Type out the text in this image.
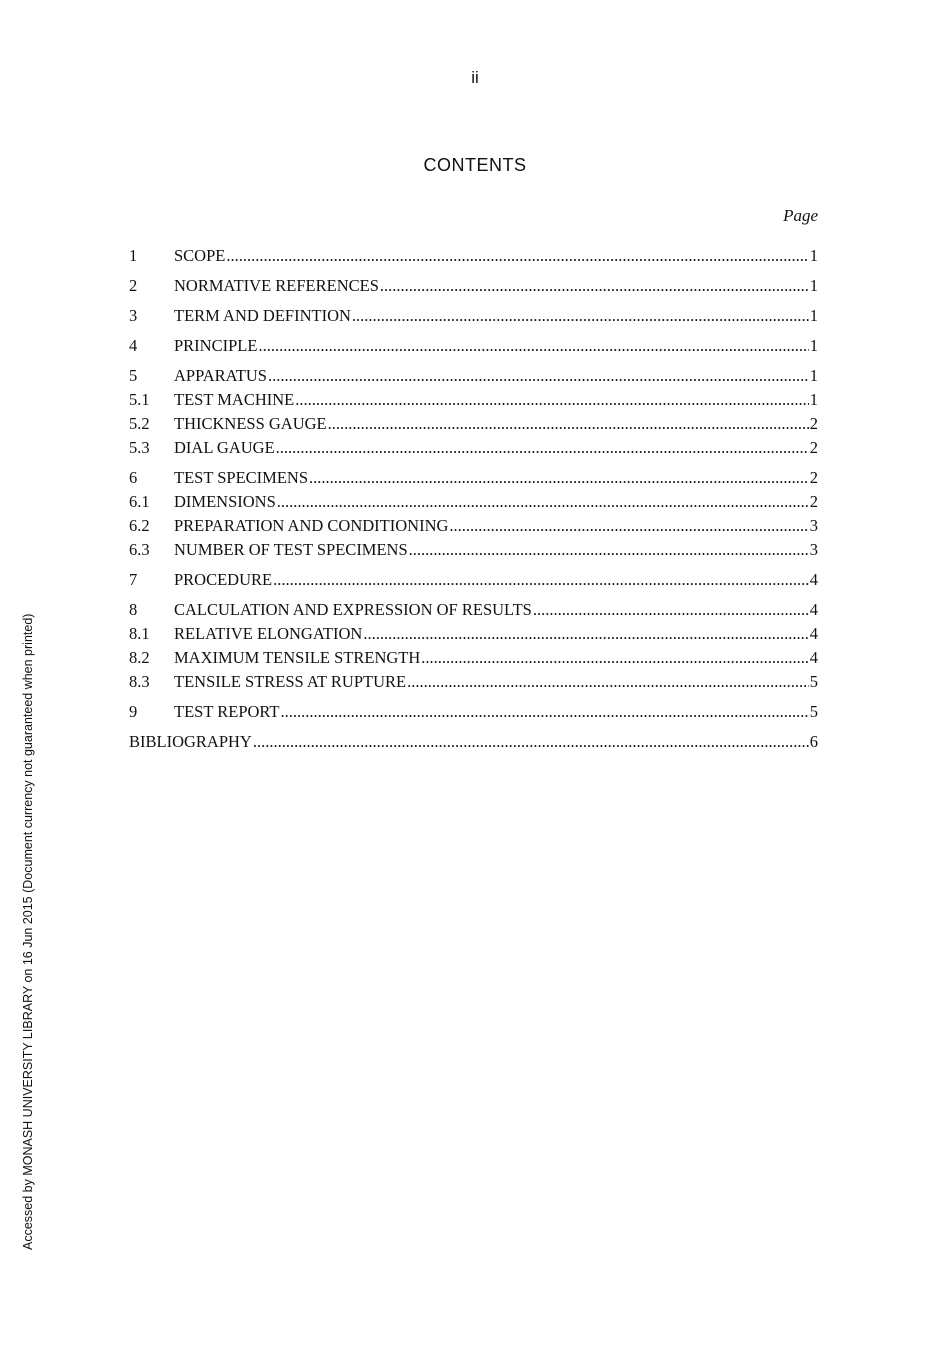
ii
CONTENTS
Page
1	SCOPE .....	1
2	NORMATIVE REFERENCES .....	1
3	TERM AND DEFINTION .....	1
4	PRINCIPLE .....	1
5	APPARATUS .....	1
5.1	TEST MACHINE .....	1
5.2	THICKNESS GAUGE .....	2
5.3	DIAL GAUGE .....	2
6	TEST SPECIMENS .....	2
6.1	DIMENSIONS .....	2
6.2	PREPARATION AND CONDITIONING .....	3
6.3	NUMBER OF TEST SPECIMENS .....	3
7	PROCEDURE .....	4
8	CALCULATION AND EXPRESSION OF RESULTS .....	4
8.1	RELATIVE ELONGATION .....	4
8.2	MAXIMUM TENSILE STRENGTH .....	4
8.3	TENSILE STRESS AT RUPTURE .....	5
9	TEST REPORT .....	5
BIBLIOGRAPHY .....	6
Accessed by MONASH UNIVERSITY LIBRARY on 16 Jun 2015 (Document currency not guaranteed when printed)
